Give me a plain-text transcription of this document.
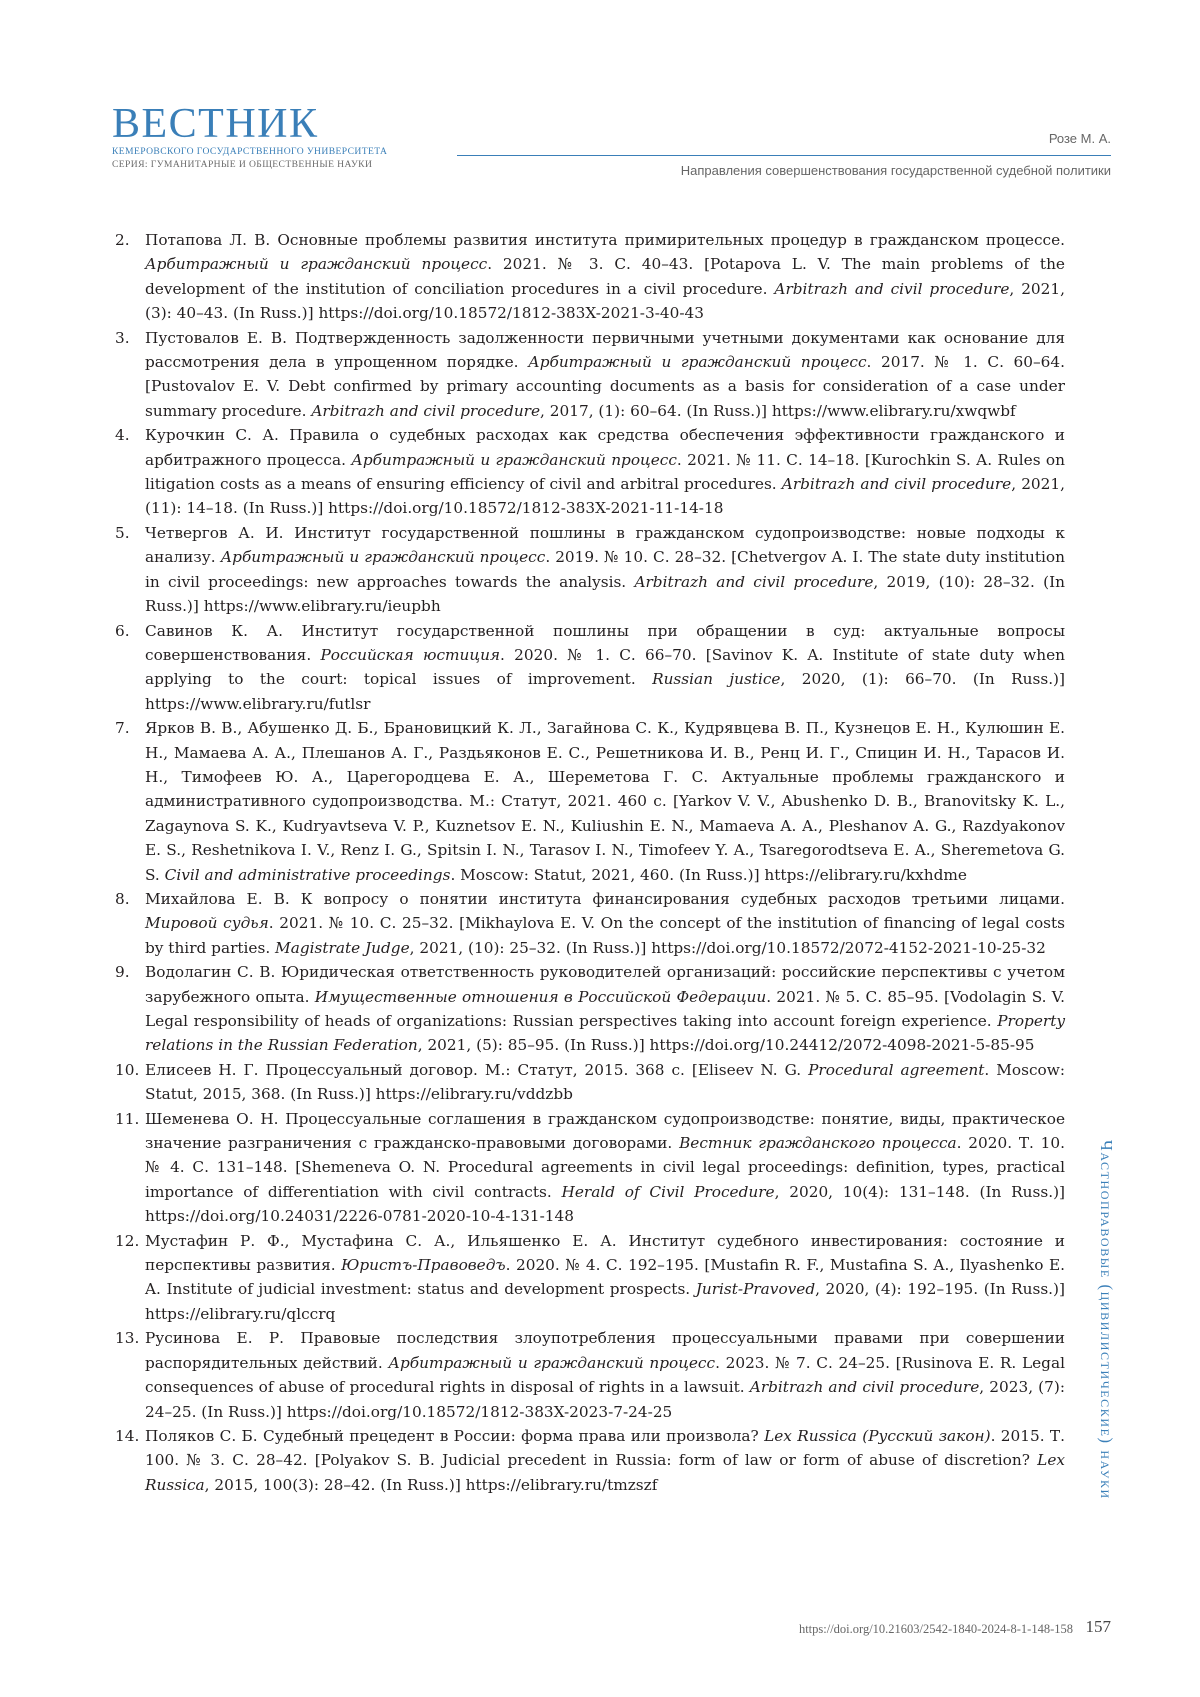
ВЕСТНИК
КЕМЕРОВСКОГО ГОСУДАРСТВЕННОГО УНИВЕРСИТЕТА
СЕРИЯ: ГУМАНИТАРНЫЕ И ОБЩЕСТВЕННЫЕ НАУКИ
Розе М. А.
Направления совершенствования государственной судебной политики
2.	Потапова Л. В. Основные проблемы развития института примирительных процедур в гражданском процессе. Арбитражный и гражданский процесс. 2021. № 3. С. 40–43. [Potapova L. V. The main problems of the development of the institution of conciliation procedures in a civil procedure. Arbitrazh and civil procedure, 2021, (3): 40–43. (In Russ.)] https://doi.org/10.18572/1812-383X-2021-3-40-43
3.	Пустовалов Е. В. Подтвержденность задолженности первичными учетными документами как основание для рассмотрения дела в упрощенном порядке. Арбитражный и гражданский процесс. 2017. № 1. С. 60–64. [Pustovalov E. V. Debt confirmed by primary accounting documents as a basis for consideration of a case under summary procedure. Arbitrazh and civil procedure, 2017, (1): 60–64. (In Russ.)] https://www.elibrary.ru/xwqwbf
4.	Курочкин С. А. Правила о судебных расходах как средства обеспечения эффективности гражданского и арбитражного процесса. Арбитражный и гражданский процесс. 2021. № 11. С. 14–18. [Kurochkin S. A. Rules on litigation costs as a means of ensuring efficiency of civil and arbitral procedures. Arbitrazh and civil procedure, 2021, (11): 14–18. (In Russ.)] https://doi.org/10.18572/1812-383X-2021-11-14-18
5.	Четвергов А. И. Институт государственной пошлины в гражданском судопроизводстве: новые подходы к анализу. Арбитражный и гражданский процесс. 2019. № 10. С. 28–32. [Chetvergov A. I. The state duty institution in civil proceedings: new approaches towards the analysis. Arbitrazh and civil procedure, 2019, (10): 28–32. (In Russ.)] https://www.elibrary.ru/ieupbh
6.	Савинов К. А. Институт государственной пошлины при обращении в суд: актуальные вопросы совершенствования. Российская юстиция. 2020. № 1. С. 66–70. [Savinov K. A. Institute of state duty when applying to the court: topical issues of improvement. Russian justice, 2020, (1): 66–70. (In Russ.)] https://www.elibrary.ru/futlsr
7.	Ярков В. В., Абушенко Д. Б., Брановицкий К. Л., Загайнова С. К., Кудрявцева В. П., Кузнецов Е. Н., Кулюшин Е. Н., Мамаева А. А., Плешанов А. Г., Раздьяконов Е. С., Решетникова И. В., Ренц И. Г., Спицин И. Н., Тарасов И. Н., Тимофеев Ю. А., Царегородцева Е. А., Шереметова Г. С. Актуальные проблемы гражданского и административного судопроизводства. М.: Статут, 2021. 460 с. [Yarkov V. V., Abushenko D. B., Branovitsky K. L., Zagaynova S. K., Kudryavtseva V. P., Kuznetsov E. N., Kuliushin E. N., Mamaeva A. A., Pleshanov A. G., Razdyakonov E. S., Reshetnikova I. V., Renz I. G., Spitsin I. N., Tarasov I. N., Timofeev Y. A., Tsaregorodtseva E. A., Sheremetova G. S. Civil and administrative proceedings. Moscow: Statut, 2021, 460. (In Russ.)] https://elibrary.ru/kxhdme
8.	Михайлова Е. В. К вопросу о понятии института финансирования судебных расходов третьими лицами. Мировой судья. 2021. № 10. С. 25–32. [Mikhaylova E. V. On the concept of the institution of financing of legal costs by third parties. Magistrate Judge, 2021, (10): 25–32. (In Russ.)] https://doi.org/10.18572/2072-4152-2021-10-25-32
9.	Водолагин С. В. Юридическая ответственность руководителей организаций: российские перспективы с учетом зарубежного опыта. Имущественные отношения в Российской Федерации. 2021. № 5. С. 85–95. [Vodolagin S. V. Legal responsibility of heads of organizations: Russian perspectives taking into account foreign experience. Property relations in the Russian Federation, 2021, (5): 85–95. (In Russ.)] https://doi.org/10.24412/2072-4098-2021-5-85-95
10. Елисеев Н. Г. Процессуальный договор. М.: Статут, 2015. 368 с. [Eliseev N. G. Procedural agreement. Moscow: Statut, 2015, 368. (In Russ.)] https://elibrary.ru/vddzbb
11. Шеменева О. Н. Процессуальные соглашения в гражданском судопроизводстве: понятие, виды, практическое значение разграничения с гражданско-правовыми договорами. Вестник гражданского процесса. 2020. Т. 10. № 4. С. 131–148. [Shemeneva O. N. Procedural agreements in civil legal proceedings: definition, types, practical importance of differentiation with civil contracts. Herald of Civil Procedure, 2020, 10(4): 131–148. (In Russ.)] https://doi.org/10.24031/2226-0781-2020-10-4-131-148
12. Мустафин Р. Ф., Мустафина С. А., Ильяшенко Е. А. Институт судебного инвестирования: состояние и перспективы развития. Юристъ-Правоведъ. 2020. № 4. С. 192–195. [Mustafin R. F., Mustafina S. A., Ilyashenko E. A. Institute of judicial investment: status and development prospects. Jurist-Pravoved, 2020, (4): 192–195. (In Russ.)] https://elibrary.ru/qlccrq
13. Русинова Е. Р. Правовые последствия злоупотребления процессуальными правами при совершении распорядительных действий. Арбитражный и гражданский процесс. 2023. № 7. С. 24–25. [Rusinova E. R. Legal consequences of abuse of procedural rights in disposal of rights in a lawsuit. Arbitrazh and civil procedure, 2023, (7): 24–25. (In Russ.)] https://doi.org/10.18572/1812-383X-2023-7-24-25
14. Поляков С. Б. Судебный прецедент в России: форма права или произвола? Lex Russica (Русский закон). 2015. Т. 100. № 3. С. 28–42. [Polyakov S. B. Judicial precedent in Russia: form of law or form of abuse of discretion? Lex Russica, 2015, 100(3): 28–42. (In Russ.)] https://elibrary.ru/tmzszf	Частноправовые (цивилистические) науки
https://doi.org/10.21603/2542-1840-2024-8-1-148-158 157
